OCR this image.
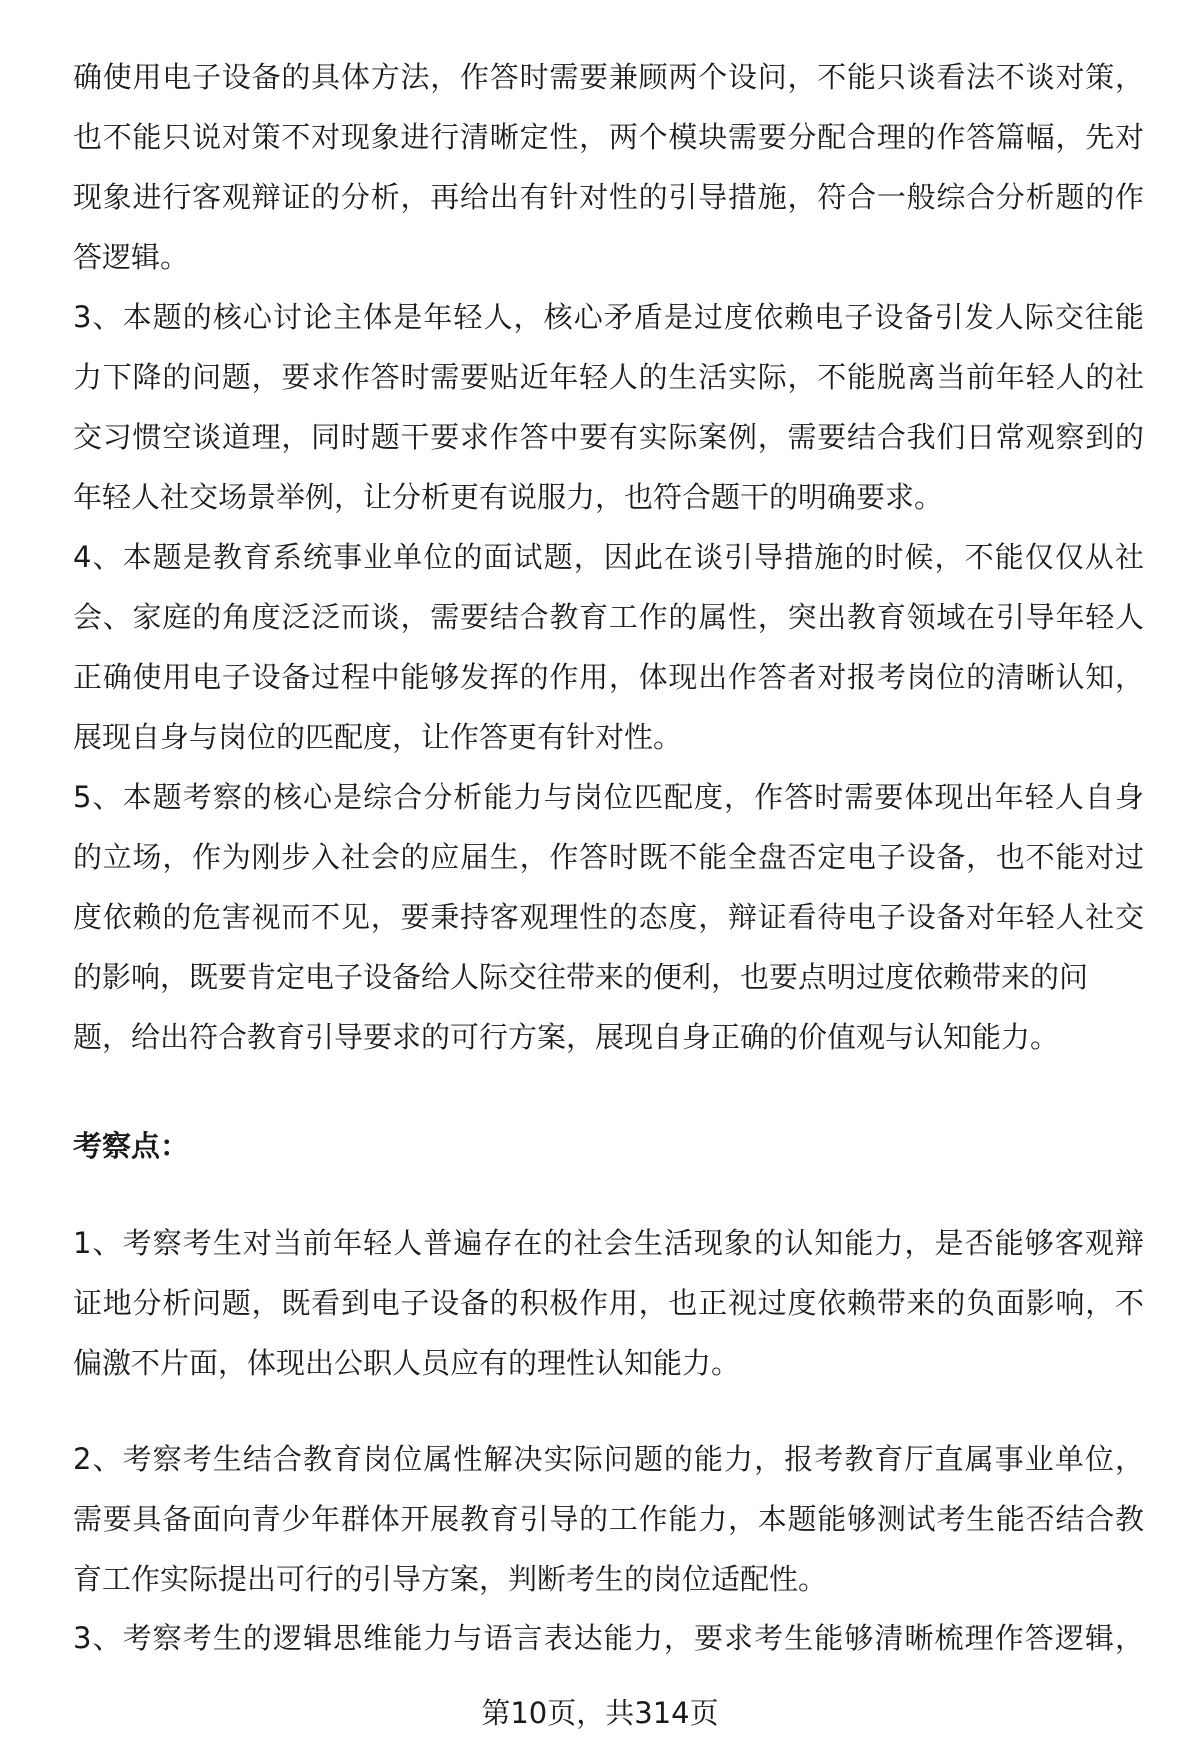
确使用电子设备的具体方法，作答时需要兼顾两个设问，不能只谈看法不谈对策，
也不能只说对策不对现象进行清晰定性，两个模块需要分配合理的作答篇幅，先对
现象进行客观辩证的分析，再给出有针对性的引导措施，符合一般综合分析题的作
答逻辑。
3、本题的核心讨论主体是年轻人，核心矛盾是过度依赖电子设备引发人际交往能
力下降的问题，要求作答时需要贴近年轻人的生活实际，不能脱离当前年轻人的社
交习惯空谈道理，同时题干要求作答中要有实际案例，需要结合我们日常观察到的
年轻人社交场景举例，让分析更有说服力，也符合题干的明确要求。
4、本题是教育系统事业单位的面试题，因此在谈引导措施的时候，不能仅仅从社
会、家庭的角度泛泛而谈，需要结合教育工作的属性，突出教育领域在引导年轻人
正确使用电子设备过程中能够发挥的作用，体现出作答者对报考岗位的清晰认知，
展现自身与岗位的匹配度，让作答更有针对性。
5、本题考察的核心是综合分析能力与岗位匹配度，作答时需要体现出年轻人自身
的立场，作为刚步入社会的应届生，作答时既不能全盘否定电子设备，也不能对过
度依赖的危害视而不见，要秉持客观理性的态度，辩证看待电子设备对年轻人社交
的影响，既要肯定电子设备给人际交往带来的便利，也要点明过度依赖带来的问
题，给出符合教育引导要求的可行方案，展现自身正确的价值观与认知能力。
考察点：
1、考察考生对当前年轻人普遍存在的社会生活现象的认知能力，是否能够客观辩
证地分析问题，既看到电子设备的积极作用，也正视过度依赖带来的负面影响，不
偏激不片面，体现出公职人员应有的理性认知能力。
2、考察考生结合教育岗位属性解决实际问题的能力，报考教育厅直属事业单位，
需要具备面向青少年群体开展教育引导的工作能力，本题能够测试考生能否结合教
育工作实际提出可行的引导方案，判断考生的岗位适配性。
3、考察考生的逻辑思维能力与语言表达能力，要求考生能够清晰梳理作答逻辑，
第10页，共314页
